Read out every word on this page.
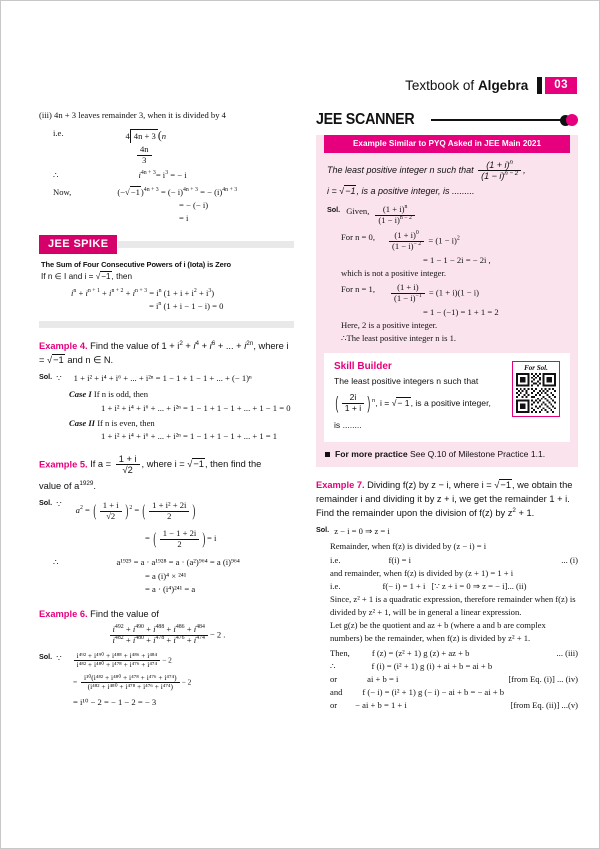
Textbook of Algebra	03
(iii) 4n + 3 leaves remainder 3, when it is divided by 4
i.e.	4 4n + 3 (n
$\frac{4n}{3}$
∴	$i^{4n + 3}= i^3$ = − i
Now,	$(-√-1)^{4n + 3}$ = (− i)$^{4n + 3}$ = − $(i)^{4n + 3}$
= − (− i)
= i
JEE SPIKE
The Sum of Four Consecutive Powers of i (Iota) is Zero
If n ∈ I and i = √−1, then
$i^n + i^{n + 1} + i^{n + 2} + i^{n + 3} = i^n$ $(1 + i + i^2 + i^3)$
= $i^n$ (1 + i − 1 − i) = 0
Example 4. Find the value of $1 + i^2 + i^4 + i^6$ + ... + $i^{2n}$, where i = √−1 and n ∈ N.
Sol. ∵ 1 + i² + i⁴ + i⁶ + ... + i²ⁿ = 1 − 1 + 1 − 1 + ... + (− 1)ⁿ
Case I If n is odd, then
1 + i² + i⁴ + i⁶ + ... + i²ⁿ = 1 − 1 + 1 − 1 + ... + 1 − 1 = 0
Case II If n is even, then
1 + i² + i⁴ + i⁶ + ... + i²ⁿ = 1 − 1 + 1 − 1 + ... + 1 = 1
Example 5. If $a = \frac{1 + i}{√2}$ , where i = √−1, then find the
value of $a^{1929}$.
Sol. ∵
$a^2$ = ( $\frac{1 + i}{√2}$ ) $^2$ = ( $\frac{\text{1 + i² + 2i}}{2}$ )
= ( $\frac{1 - 1 + 2i}{2}$ ) = i
∴	a¹⁹²⁹ = a · a¹⁹²⁸ = a · (a²)⁹⁶⁴ = a (i)⁹⁶⁴
= a (i)⁴ × ²⁴¹
= a · (i⁴)²⁴¹ = a
Example 6. Find the value of
$\frac{i^{492} + i^{490} + i^{488} + i^{486} + i^{484}}{i^{482} + i^{480} + i^{478} + i^{476} + i^{474}} - 2$ .
Sol. ∵ $\frac{\text{i⁴⁹² + i⁴⁹⁰ + i⁴⁸⁸ + i⁴⁸⁶ + i⁴⁸⁴}}{\text{i⁴⁸² + i⁴⁸⁰ + i⁴⁷⁸ + i⁴⁷⁶ + i⁴⁷⁴}} - 2$
= $\frac{\text{i¹⁰(i⁴⁸² + i⁴⁸⁰ + i⁴⁷⁸ + i⁴⁷⁶ + i⁴⁷⁴)}}{\text{(i⁴⁸² + i⁴⁸⁰ + i⁴⁷⁸ + i⁴⁷⁶ + i⁴⁷⁴)}} - 2$
= i¹⁰ − 2 = − 1 − 2 = − 3
JEE SCANNER
Example Similar to PYQ Asked in JEE Main 2021
The least positive integer n such that $\frac{(1 + i)^n}{(1 - i)^{n - 2}}$ ,
i = √−1, is a positive integer, is .........
Sol. Given, $\frac{(1 + i)^n}{(1 - i)^{n - 2}}$
For n = 0, $\frac{(1 + i)^0}{(1 - i)^{- 2}} = (1 - i)^2$
= 1 − 1 − 2i = − 2i ,
which is not a positive integer.
For n = 1, $\frac{(1 + i)}{(1 - i)^{-1}} = (1 + i)(1 - i)$
= 1 − (−1) = 1 + 1 = 2
Here, 2 is a positive integer.
∴The least positive integer n is 1.
Skill Builder
The least positive integers n such that
( $\frac{2i}{1 + i}$ ) $^n$, i = √− 1, is a positive integer,
is ........
For Sol.
For more practice See Q.10 of Milestone Practice 1.1.
Example 7. Dividing f(z) by z − i, where i = √−1, we obtain the remainder i and dividing it by z + i, we get the remainder 1 + i. Find the remainder upon the division of f(z) by $z^2 + 1$.
Sol. z − i = 0 ⇒ z = i
Remainder, when f(z) is divided by (z − i) = i
i.e.	f(i) = i	... (i)
and remainder, when f(z) is divided by (z + 1) = 1 + i
i.e.	f(− i) = 1 + i [∵ z + i = 0 ⇒ z = − i] ... (ii)
Since, z² + 1 is a quadratic expression, therefore remainder when f(z) is divided by z² + 1, will be in general a linear expression.
Let g(z) be the quotient and az + b (where a and b are complex numbers) be the remainder, when f(z) is divided by z² + 1.
Then,	f (z) = (z² + 1) g (z) + az + b	... (iii)
∴	f (i) = (i² + 1) g (i) + ai + b = ai + b
or	ai + b = i	[from Eq. (i)] ... (iv)
and f (− i) = (i² + 1) g (− i) − ai + b = − ai + b
or − ai + b = 1 + i	[from Eq. (ii)] ...(v)
